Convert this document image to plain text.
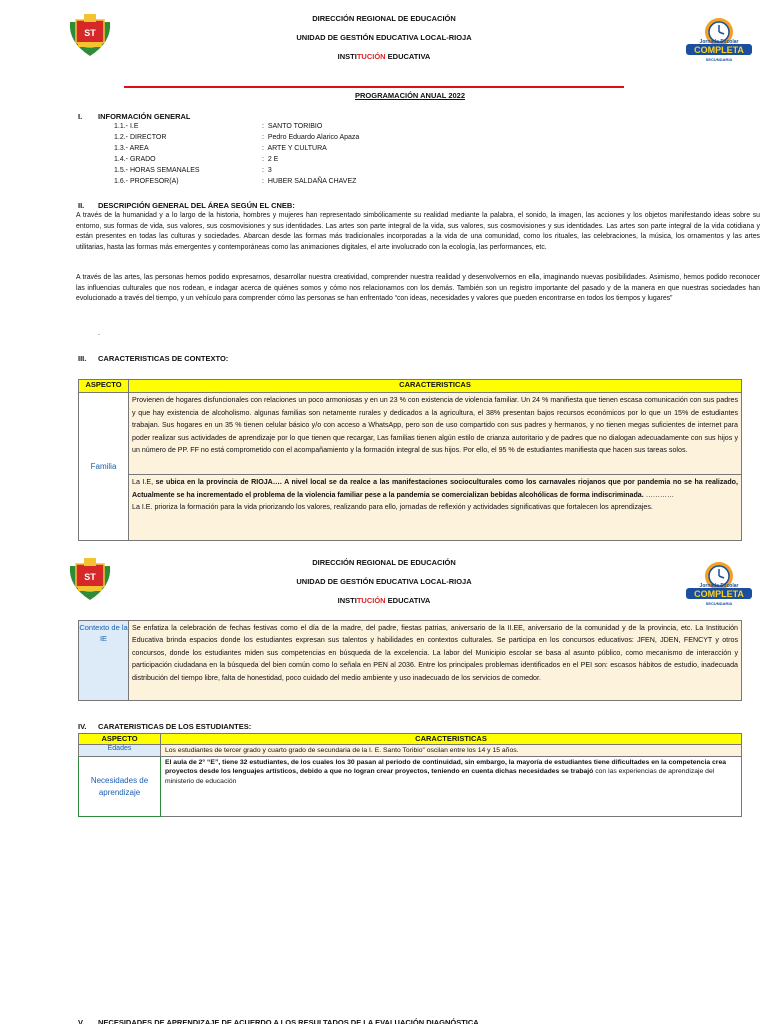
ST
Jornada Escolar
COMPLETA
SECUNDARIA
DIRECCIÓN REGIONAL DE EDUCACIÓN
UNIDAD DE GESTIÓN EDUCATIVA LOCAL-RIOJA
INSTITUCIÓN EDUCATIVA
PROGRAMACIÓN ANUAL 2022
I. INFORMACIÓN GENERAL
1.1.- I.E	:  SANTO TORIBIO
1.2.- DIRECTOR	:  Pedro Eduardo Alarico Apaza
1.3.- AREA	:  ARTE Y CULTURA
1.4.- GRADO	:  2 E
1.5.- HORAS SEMANALES	:  3
1.6.- PROFESOR(A)	:  HUBER SALDAÑA CHAVEZ
II. DESCRIPCIÓN GENERAL DEL ÁREA SEGÚN EL CNEB:
A través de la humanidad y a lo largo de la historia, hombres y mujeres han representado simbólicamente su realidad mediante la palabra, el sonido, la imagen, las acciones y los objetos manifestando ideas sobre su entorno, sus formas de vida, sus valores, sus cosmovisiones y sus identidades. Las artes son parte integral de la vida, sus valores, sus cosmovisiones y sus identidades. Las artes son parte integral de la vida cotidiana y están presentes en todas las culturas y sociedades. Abarcan desde las formas más tradicionales incorporadas a la vida de una comunidad, como los rituales, las celebraciones, la música, los ornamentos y las artes utilitarias, hasta las formas más emergentes y contemporáneas como las animaciones digitales, el arte involucrado con la ecología, las performances, etc.
A través de las artes, las personas hemos podido expresarnos, desarrollar nuestra creatividad, comprender nuestra realidad y desenvolvernos en ella, imaginando nuevas posibilidades. Asimismo, hemos podido reconocer las influencias culturales que nos rodean, e indagar acerca de quiénes somos y cómo nos relacionamos con los demás. También son un registro importante del pasado y de la manera en que nuestras sociedades han evolucionado a través del tiempo, y un vehículo para comprender cómo las personas se han enfrentado “con ideas, necesidades y valores que pueden encontrarse en todos los tiempos y lugares”
.
III. CARACTERISTICAS DE CONTEXTO:
ASPECTO	CARACTERISTICAS
Familia	Provienen de hogares disfuncionales con relaciones un poco armoniosas y en un 23 % con existencia de violencia familiar. Un 24 % manifiesta que tienen escasa comunicación con sus padres y que hay existencia de alcoholismo. algunas familias son netamente rurales y dedicados a la agricultura, el 38% presentan bajos recursos económicos por lo que un 15% de estudiantes trabajan. Sus hogares en un 35 % tienen celular básico y/o con acceso a WhatsApp, pero son de uso compartido con sus padres y hermanos, y no tienen megas suficientes de internet para poder realizar sus actividades de aprendizaje por lo que tienen que recargar, Las familias tienen algún estilo de crianza autoritario y de padres que no dialogan adecuadamente con sus hijos y un número de PP. FF no está comprometido con el acompañamiento y la formación integral de sus hijos. Por ello, el 95 % de estudiantes manifiesta que hacen sus tareas solos.
	La I.E, se ubica en la provincia de RIOJA…. A nivel local se da realce a las manifestaciones socioculturales como los carnavales riojanos que por pandemia no se ha realizado, Actualmente se ha incrementado el problema de la violencia familiar pese a la pandemia se comercializan bebidas alcohólicas de forma indiscriminada. …………
La I.E. prioriza la formación para la vida priorizando los valores, realizando para ello, jornadas de reflexión y actividades significativas que fortalecen los aprendizajes.
ST
Jornada Escolar
COMPLETA
SECUNDARIA
DIRECCIÓN REGIONAL DE EDUCACIÓN
UNIDAD DE GESTIÓN EDUCATIVA LOCAL-RIOJA
INSTITUCIÓN EDUCATIVA
Contexto de la IE	Se enfatiza la celebración de fechas festivas como el día de la madre, del padre, fiestas patrias, aniversario de la II.EE, aniversario de la comunidad y de la provincia, etc. La Institución Educativa brinda espacios donde los estudiantes expresan sus talentos y habilidades en contextos culturales. Se participa en los concursos educativos: JFEN, JDEN, FENCYT y otros concursos, donde los estudiantes miden sus competencias en búsqueda de la excelencia. La labor del Municipio escolar se basa al asunto público, como mecanismo de interacción y participación ciudadana en la búsqueda del bien común como lo señala en PEN al 2036. Entre los principales problemas identificados en el PEI son: escasos hábitos de estudio, inadecuada distribución del tiempo libre, falta de honestidad, poco cuidado del medio ambiente y uso inadecuado de los servicios de comedor.
IV. CARATERISTICAS DE LOS ESTUDIANTES:
ASPECTO	CARACTERISTICAS
Edades	Los estudiantes de tercer grado y cuarto grado de secundaria de la I. E. Santo Toribio” oscilan entre los 14 y 15 años.
Necesidades de aprendizaje	El aula de 2° “E”, tiene 32 estudiantes, de los cuales los 30 pasan al periodo de continuidad, sin embargo, la mayoría de estudiantes tiene dificultades en la competencia crea proyectos desde los lenguajes artísticos, debido a que no logran crear proyectos, teniendo en cuenta dichas necesidades se trabajó con las experiencias de aprendizaje del ministerio de educación
V. NECESIDADES DE APRENDIZAJE DE ACUERDO A LOS RESULTADOS DE LA EVALUACIÓN DIAGNÓSTICA
